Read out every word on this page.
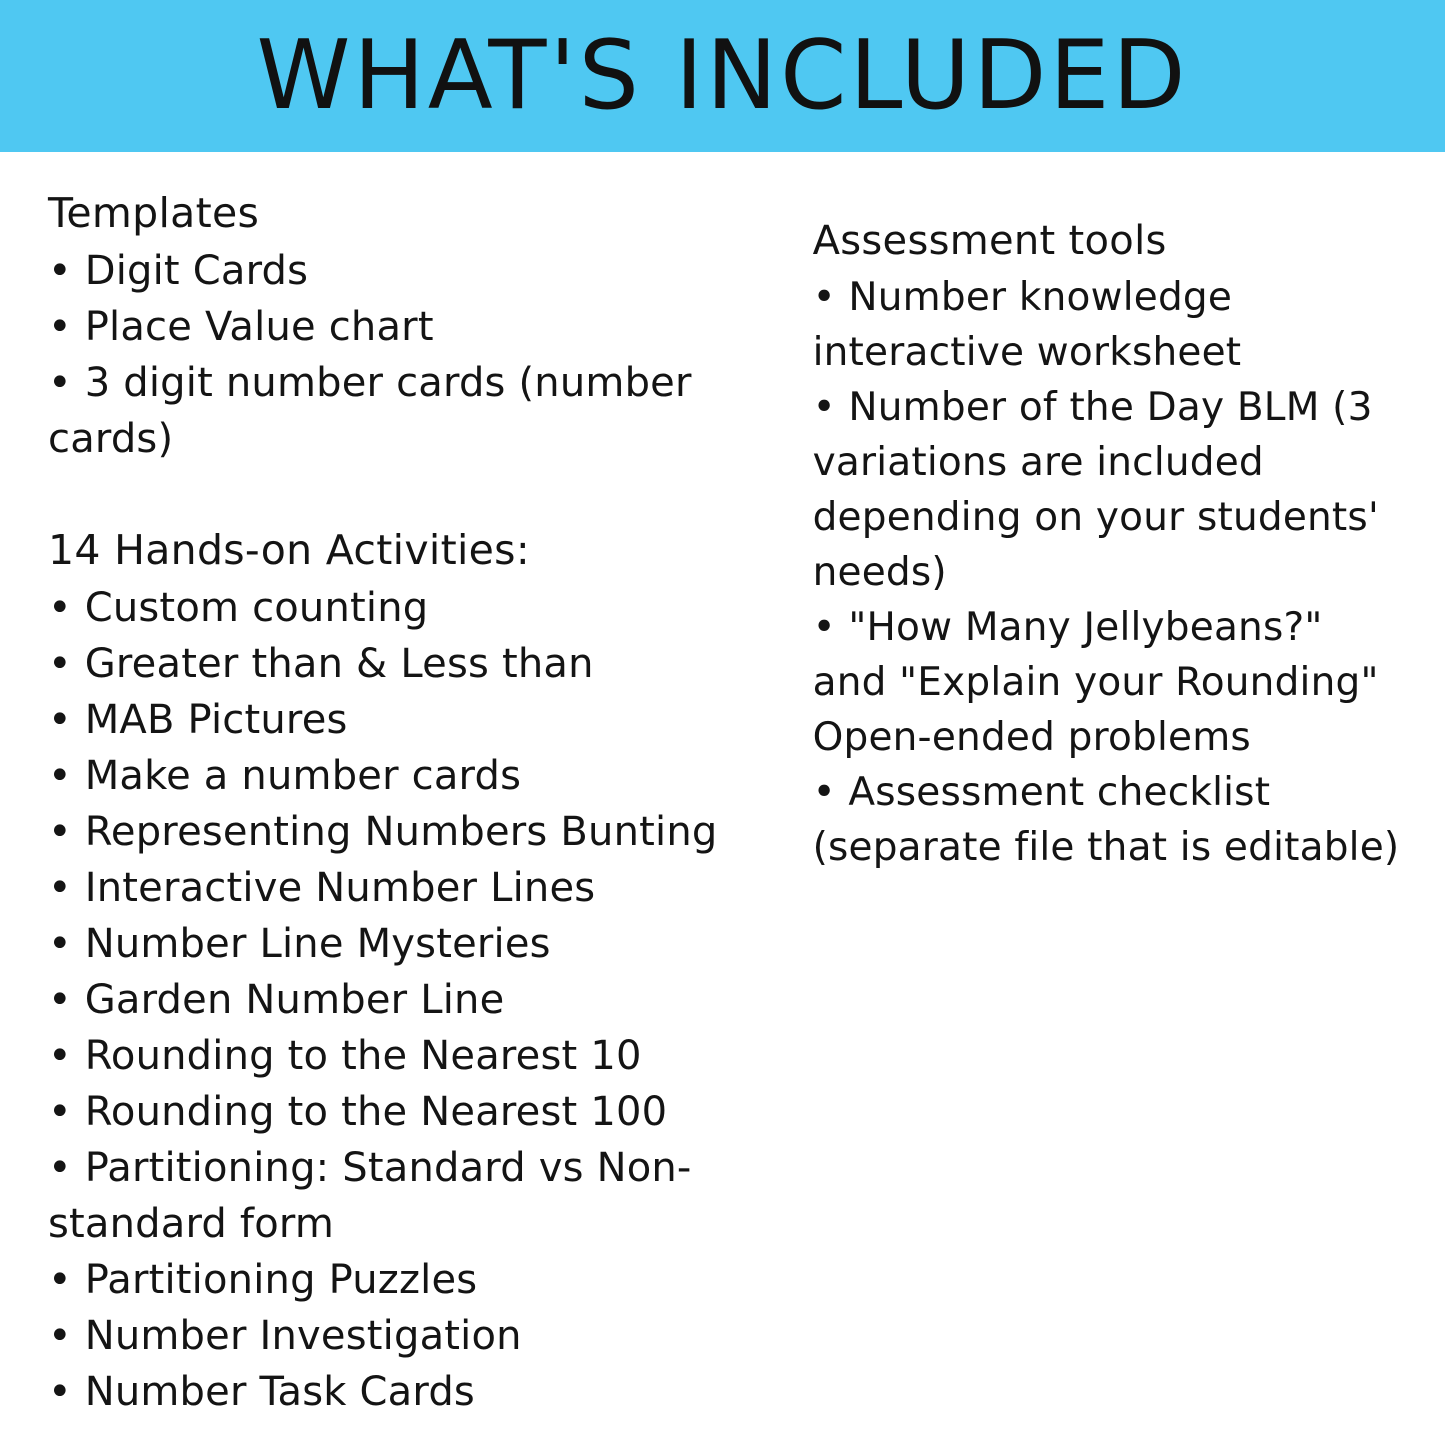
WHAT'S INCLUDED
Templates
• Digit Cards
• Place Value chart
• 3 digit number cards (number cards)
14 Hands-on Activities:
• Custom counting
• Greater than & Less than
• MAB Pictures
• Make a number cards
• Representing Numbers Bunting
• Interactive Number Lines
• Number Line Mysteries
• Garden Number Line
• Rounding to the Nearest 10
• Rounding to the Nearest 100
• Partitioning: Standard vs Non-standard form
• Partitioning Puzzles
• Number Investigation
• Number Task Cards
Assessment tools
• Number knowledge interactive worksheet
• Number of the Day BLM (3 variations are included depending on your students' needs)
• "How Many Jellybeans?" and "Explain your Rounding" Open-ended problems
• Assessment checklist (separate file that is editable)
